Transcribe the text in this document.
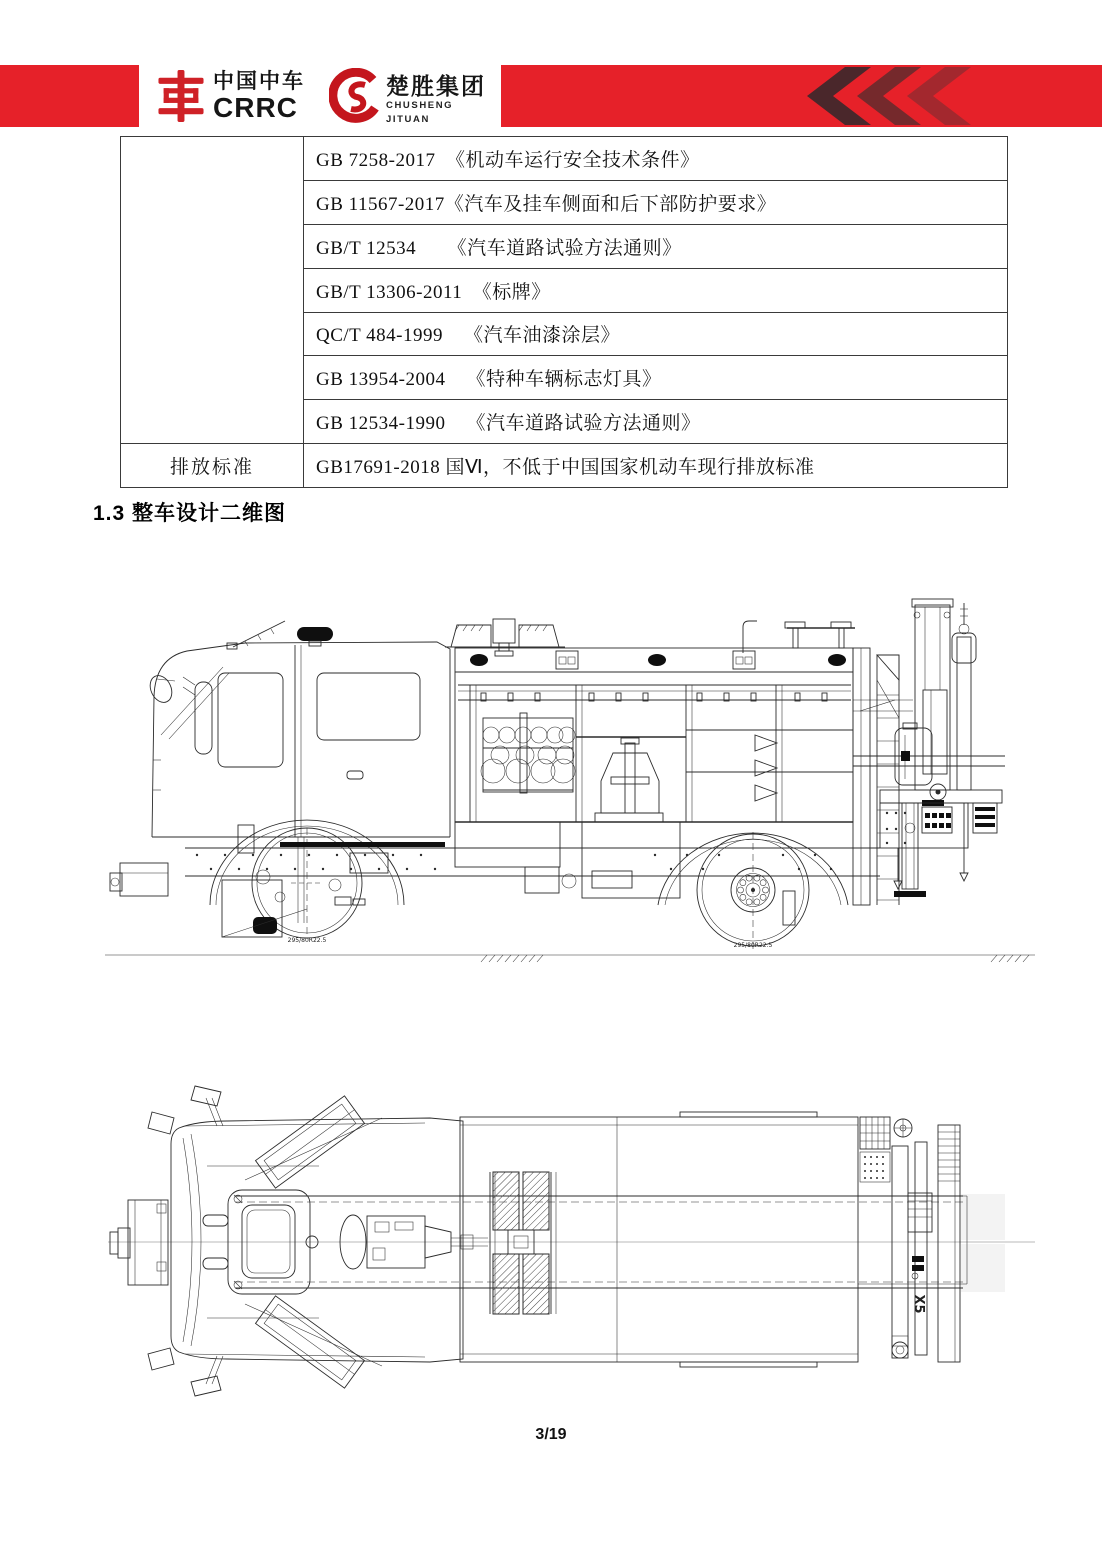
中国中车
CRRC
楚胜集团
CHUSHENG JITUAN
	GB 7258-2017  《机动车运行安全技术条件》
	GB 11567-2017《汽车及挂车侧面和后下部防护要求》
	GB/T 12534      《汽车道路试验方法通则》
	GB/T 13306-2011  《标牌》
	QC/T 484-1999    《汽车油漆涂层》
	GB 13954-2004    《特种车辆标志灯具》
	GB 12534-1990    《汽车道路试验方法通则》
排放标准	GB17691-2018 国Ⅵ，不低于中国国家机动车现行排放标准
1.3 整车设计二维图
295/80R22.5
295/80R22.5
X5
3/19
